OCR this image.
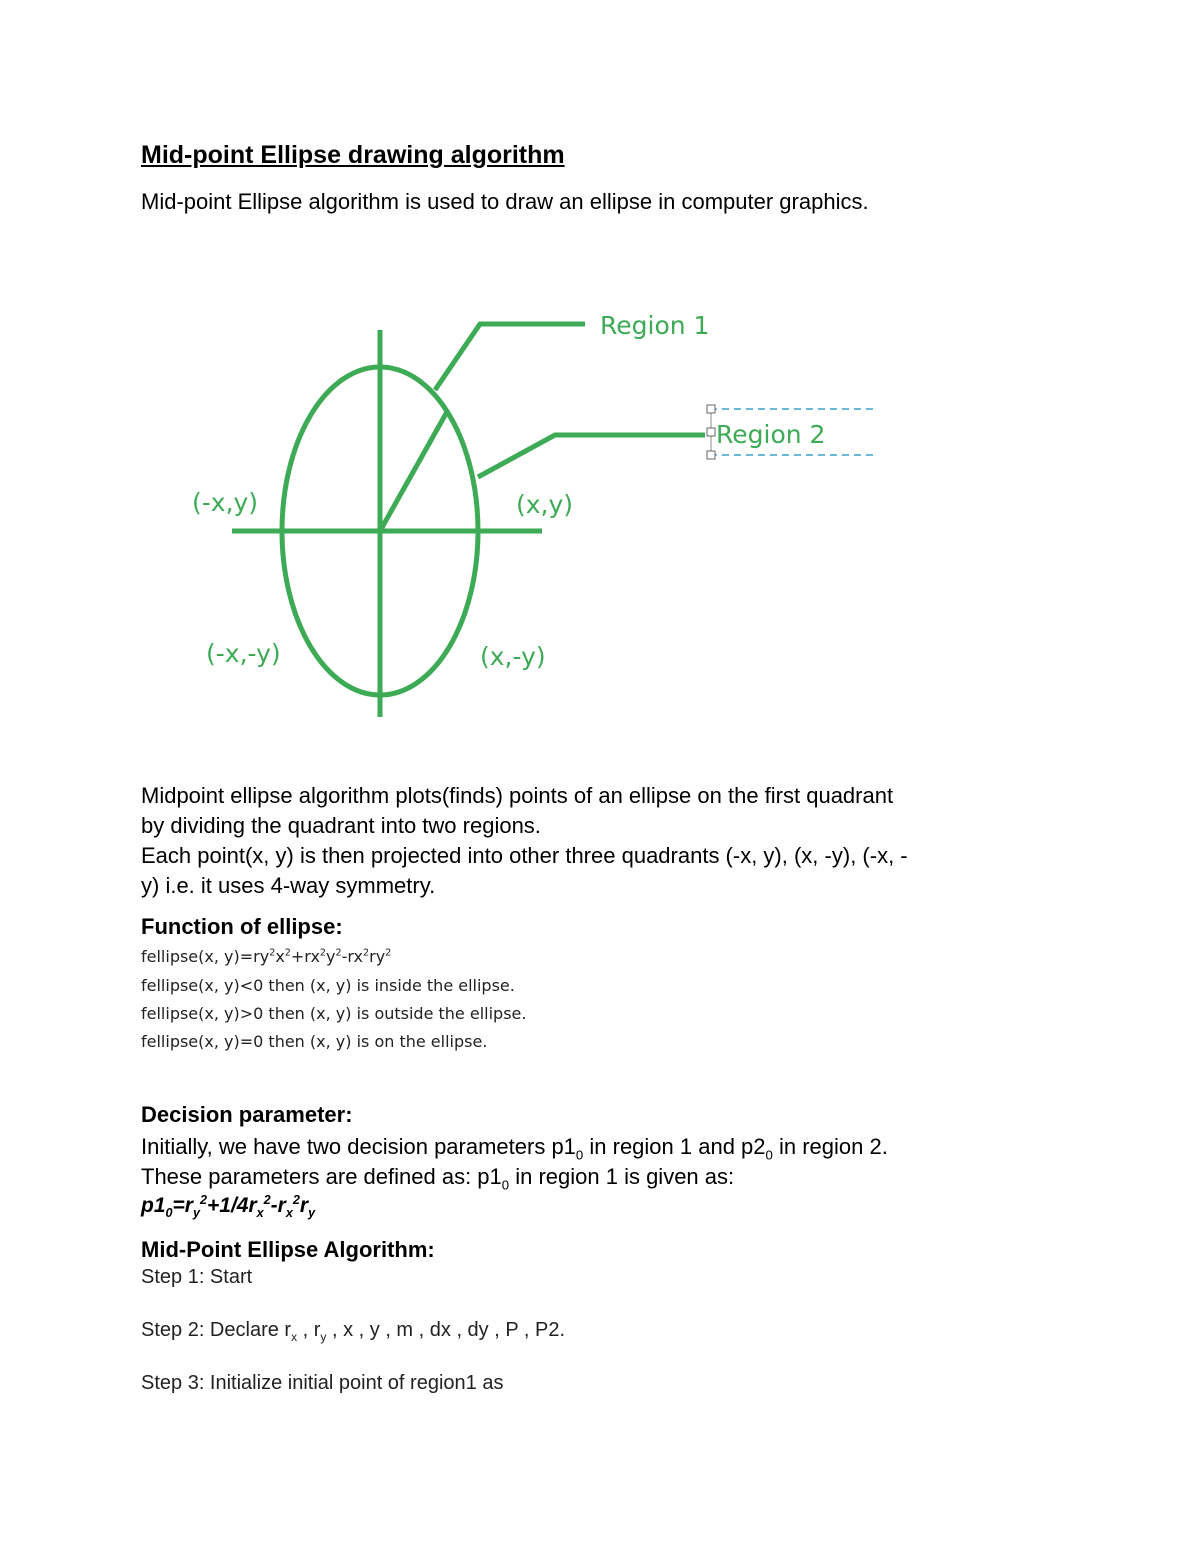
Mid-point Ellipse drawing algorithm
Mid-point Ellipse algorithm is used to draw an ellipse in computer graphics.
Region 1
Region 2
(-x,y)	(x,y)
(-x,-y)	(x,-y)
Midpoint ellipse algorithm plots(finds) points of an ellipse on the first quadrant
by dividing the quadrant into two regions.
Each point(x, y) is then projected into other three quadrants (-x, y), (x, -y), (-x, -
y) i.e. it uses 4-way symmetry.
Function of ellipse:
fellipse(x, $y)=ry^2x^2+rx^2y^2-rx^2ry^2$
fellipse(x, y)<0 then (x, y) is inside the ellipse.
fellipse(x, y)>0 then (x, y) is outside the ellipse.
fellipse(x, y)=0 then (x, y) is on the ellipse.
Decision parameter:
Initially, we have two decision parameters $p1_0$ in region 1 and $p2_0$ in region 2.
These parameters are defined as: $p1_0$ in region 1 is given as:
$p1_0=r_y^2+1/4r_x^2-r_x^2r_y$
Mid-Point Ellipse Algorithm:
Step 1: Start
Step 2: Declare $r_x$ , $r_y$ , x , y , m , dx , dy , P , P2.
Step 3: Initialize initial point of region1 as
